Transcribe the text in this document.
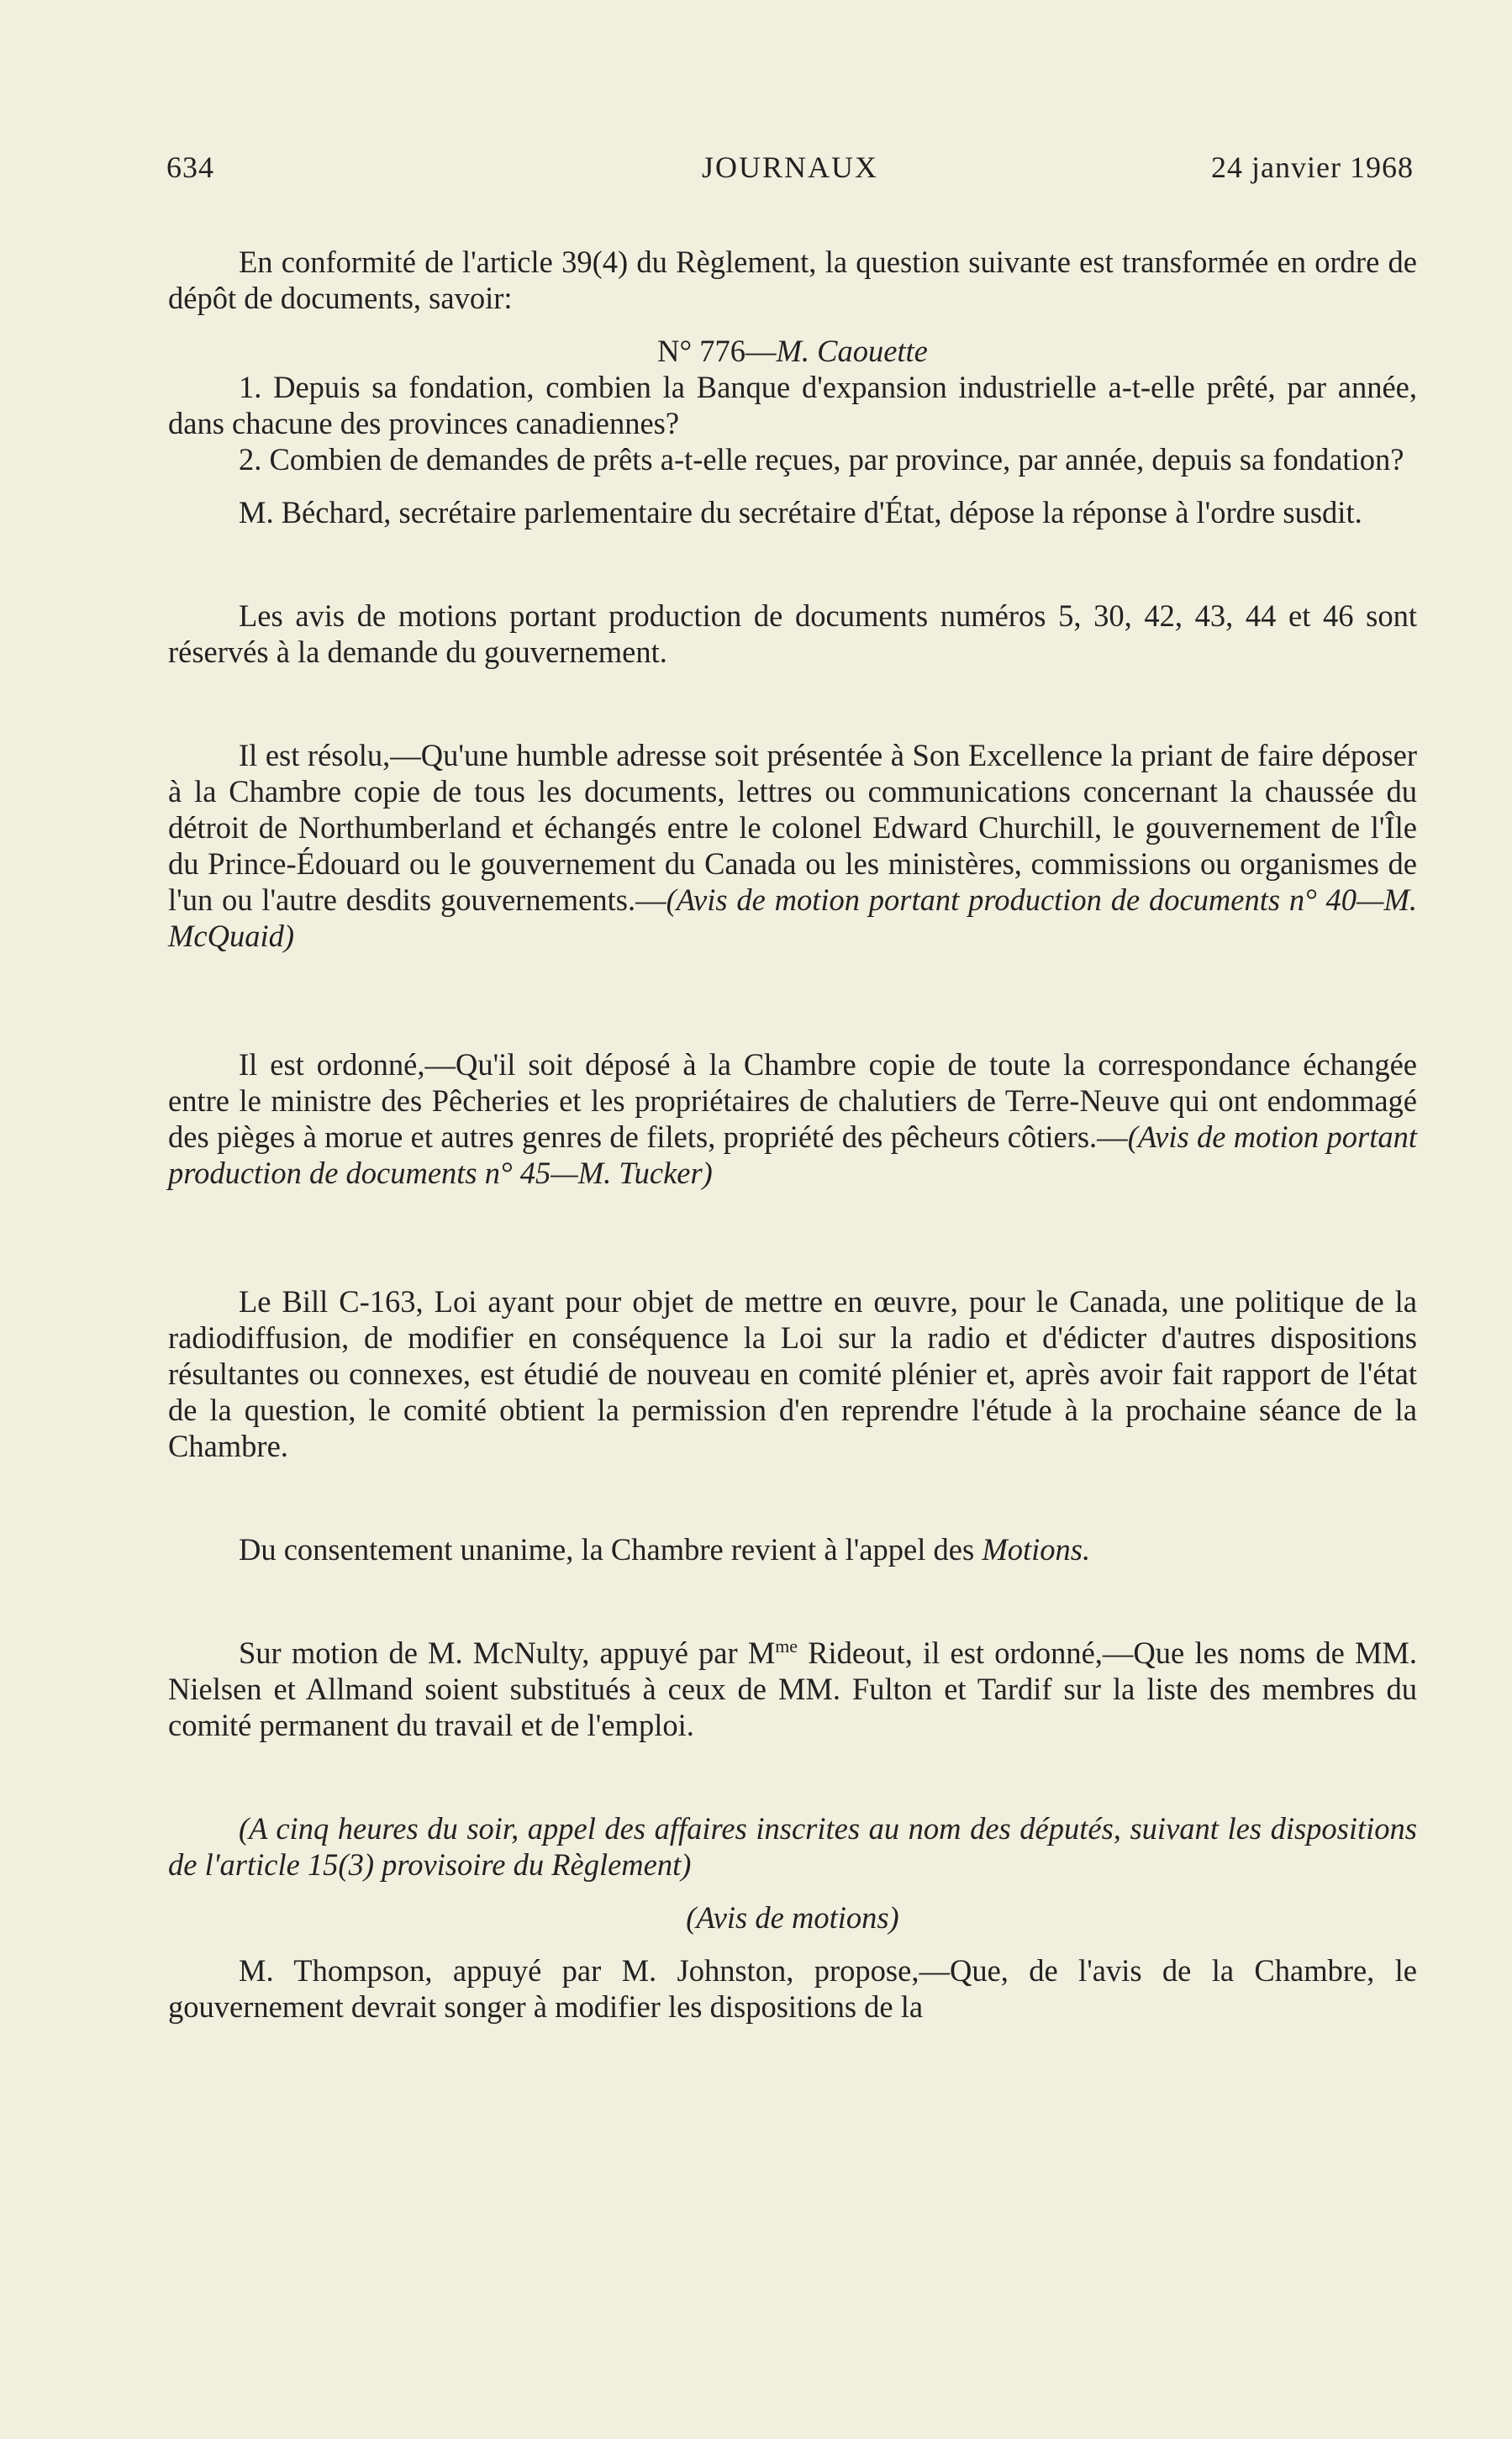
634	JOURNAUX	24 janvier 1968

En conformité de l'article 39(4) du Règlement, la question suivante est transformée en ordre de dépôt de documents, savoir:

N° 776—M. Caouette

1. Depuis sa fondation, combien la Banque d'expansion industrielle a-t-elle prêté, par année, dans chacune des provinces canadiennes?

2. Combien de demandes de prêts a-t-elle reçues, par province, par année, depuis sa fondation?

M. Béchard, secrétaire parlementaire du secrétaire d'État, dépose la réponse à l'ordre susdit.

Les avis de motions portant production de documents numéros 5, 30, 42, 43, 44 et 46 sont réservés à la demande du gouvernement.

Il est résolu,—Qu'une humble adresse soit présentée à Son Excellence la priant de faire déposer à la Chambre copie de tous les documents, lettres ou communications concernant la chaussée du détroit de Northumberland et échangés entre le colonel Edward Churchill, le gouvernement de l'Île du Prince-Édouard ou le gouvernement du Canada ou les ministères, commissions ou organismes de l'un ou l'autre desdits gouvernements.—(Avis de motion portant production de documents n° 40—M. McQuaid)

Il est ordonné,—Qu'il soit déposé à la Chambre copie de toute la correspondance échangée entre le ministre des Pêcheries et les propriétaires de chalutiers de Terre-Neuve qui ont endommagé des pièges à morue et autres genres de filets, propriété des pêcheurs côtiers.—(Avis de motion portant production de documents n° 45—M. Tucker)

Le Bill C-163, Loi ayant pour objet de mettre en œuvre, pour le Canada, une politique de la radiodiffusion, de modifier en conséquence la Loi sur la radio et d'édicter d'autres dispositions résultantes ou connexes, est étudié de nouveau en comité plénier et, après avoir fait rapport de l'état de la question, le comité obtient la permission d'en reprendre l'étude à la prochaine séance de la Chambre.

Du consentement unanime, la Chambre revient à l'appel des Motions.

Sur motion de M. McNulty, appuyé par $M^{me}$ Rideout, il est ordonné,—Que les noms de MM. Nielsen et Allmand soient substitués à ceux de MM. Fulton et Tardif sur la liste des membres du comité permanent du travail et de l'emploi.

(A cinq heures du soir, appel des affaires inscrites au nom des députés, suivant les dispositions de l'article 15(3) provisoire du Règlement)

(Avis de motions)

M. Thompson, appuyé par M. Johnston, propose,—Que, de l'avis de la Chambre, le gouvernement devrait songer à modifier les dispositions de la
